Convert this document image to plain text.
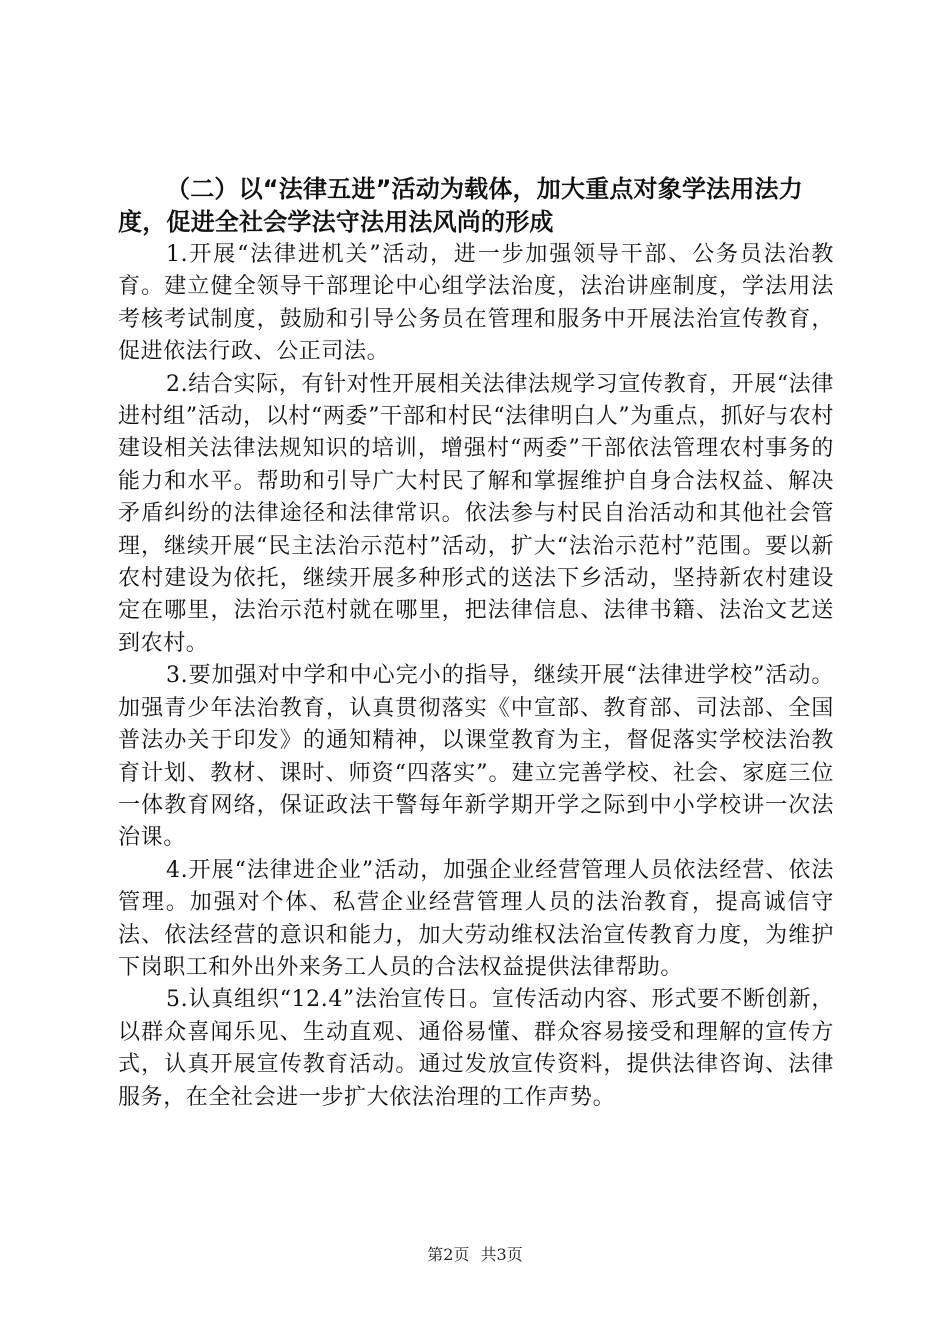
（二）以“法律五进”活动为载体，加大重点对象学法用法力度，促进全社会学法守法用法风尚的形成

1.开展“法律进机关”活动，进一步加强领导干部、公务员法治教育。建立健全领导干部理论中心组学法治度，法治讲座制度，学法用法考核考试制度，鼓励和引导公务员在管理和服务中开展法治宣传教育，促进依法行政、公正司法。

2.结合实际，有针对性开展相关法律法规学习宣传教育，开展“法律进村组”活动，以村“两委”干部和村民“法律明白人”为重点，抓好与农村建设相关法律法规知识的培训，增强村“两委”干部依法管理农村事务的能力和水平。帮助和引导广大村民了解和掌握维护自身合法权益、解决矛盾纠纷的法律途径和法律常识。依法参与村民自治活动和其他社会管理，继续开展“民主法治示范村”活动，扩大“法治示范村”范围。要以新农村建设为依托，继续开展多种形式的送法下乡活动，坚持新农村建设定在哪里，法治示范村就在哪里，把法律信息、法律书籍、法治文艺送到农村。

3.要加强对中学和中心完小的指导，继续开展“法律进学校”活动。加强青少年法治教育，认真贯彻落实《中宣部、教育部、司法部、全国普法办关于印发》的通知精神，以课堂教育为主，督促落实学校法治教育计划、教材、课时、师资“四落实”。建立完善学校、社会、家庭三位一体教育网络，保证政法干警每年新学期开学之际到中小学校讲一次法治课。

4.开展“法律进企业”活动，加强企业经营管理人员依法经营、依法管理。加强对个体、私营企业经营管理人员的法治教育，提高诚信守法、依法经营的意识和能力，加大劳动维权法治宣传教育力度，为维护下岗职工和外出外来务工人员的合法权益提供法律帮助。

5.认真组织“12.4”法治宣传日。宣传活动内容、形式要不断创新，以群众喜闻乐见、生动直观、通俗易懂、群众容易接受和理解的宣传方式，认真开展宣传教育活动。通过发放宣传资料，提供法律咨询、法律服务，在全社会进一步扩大依法治理的工作声势。

第2页 共3页
